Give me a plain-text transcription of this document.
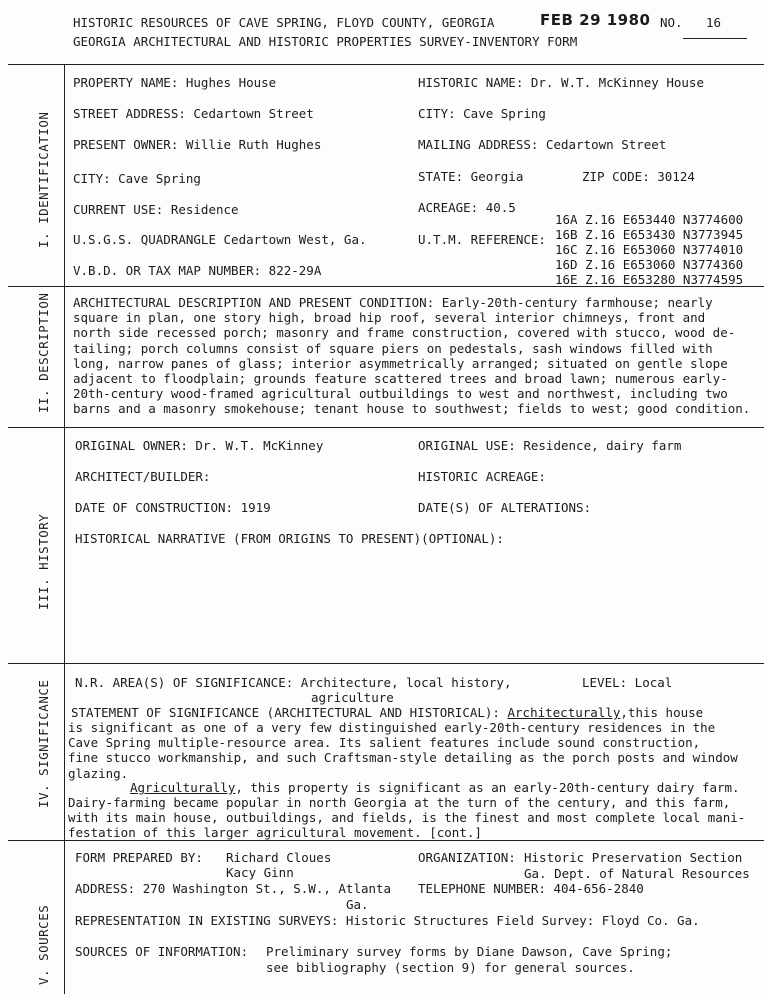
HISTORIC RESOURCES OF CAVE SPRING, FLOYD COUNTY, GEORGIA	FEB 29 1980 NO. 16
GEORGIA ARCHITECTURAL AND HISTORIC PROPERTIES SURVEY-INVENTORY FORM
I. IDENTIFICATION
II. DESCRIPTION
III. HISTORY
IV. SIGNIFICANCE
V. SOURCES
PROPERTY NAME: Hughes House	HISTORIC NAME: Dr. W.T. McKinney House
STREET ADDRESS: Cedartown Street	CITY: Cave Spring
PRESENT OWNER: Willie Ruth Hughes	MAILING ADDRESS: Cedartown Street
CITY: Cave Spring	STATE: Georgia	ZIP CODE: 30124
CURRENT USE: Residence	ACREAGE: 40.5
U.S.G.S. QUADRANGLE Cedartown West, Ga.	U.T.M. REFERENCE:
16A Z.16 E653440 N3774600
16B Z.16 E653430 N3773945
16C Z.16 E653060 N3774010
16D Z.16 E653060 N3774360
16E Z.16 E653280 N3774595
V.B.D. OR TAX MAP NUMBER: 822-29A
ARCHITECTURAL DESCRIPTION AND PRESENT CONDITION: Early-20th-century farmhouse; nearly
square in plan, one story high, broad hip roof, several interior chimneys, front and
north side recessed porch; masonry and frame construction, covered with stucco, wood de-
tailing; porch columns consist of square piers on pedestals, sash windows filled with
long, narrow panes of glass; interior asymmetrically arranged; situated on gentle slope
adjacent to floodplain; grounds feature scattered trees and broad lawn; numerous early-
20th-century wood-framed agricultural outbuildings to west and northwest, including two
barns and a masonry smokehouse; tenant house to southwest; fields to west; good condition.
ORIGINAL OWNER: Dr. W.T. McKinney	ORIGINAL USE: Residence, dairy farm
ARCHITECT/BUILDER:	HISTORIC ACREAGE:
DATE OF CONSTRUCTION: 1919	DATE(S) OF ALTERATIONS:
HISTORICAL NARRATIVE (FROM ORIGINS TO PRESENT)(OPTIONAL):
N.R. AREA(S) OF SIGNIFICANCE: Architecture, local history,
agriculture
LEVEL: Local
STATEMENT OF SIGNIFICANCE (ARCHITECTURAL AND HISTORICAL): Architecturally,this house
is significant as one of a very few distinguished early-20th-century residences in the
Cave Spring multiple-resource area. Its salient features include sound construction,
fine stucco workmanship, and such Craftsman-style detailing as the porch posts and window
glazing.
Agriculturally, this property is significant as an early-20th-century dairy farm.
Dairy-farming became popular in north Georgia at the turn of the century, and this farm,
with its main house, outbuildings, and fields, is the finest and most complete local mani-
festation of this larger agricultural movement. [cont.]
FORM PREPARED BY: Richard Cloues
Kacy Ginn
ORGANIZATION: Historic Preservation Section
Ga. Dept. of Natural Resources
ADDRESS: 270 Washington St., S.W., Atlanta
Ga.
TELEPHONE NUMBER: 404-656-2840
REPRESENTATION IN EXISTING SURVEYS: Historic Structures Field Survey: Floyd Co. Ga.
SOURCES OF INFORMATION: Preliminary survey forms by Diane Dawson, Cave Spring;
see bibliography (section 9) for general sources.
